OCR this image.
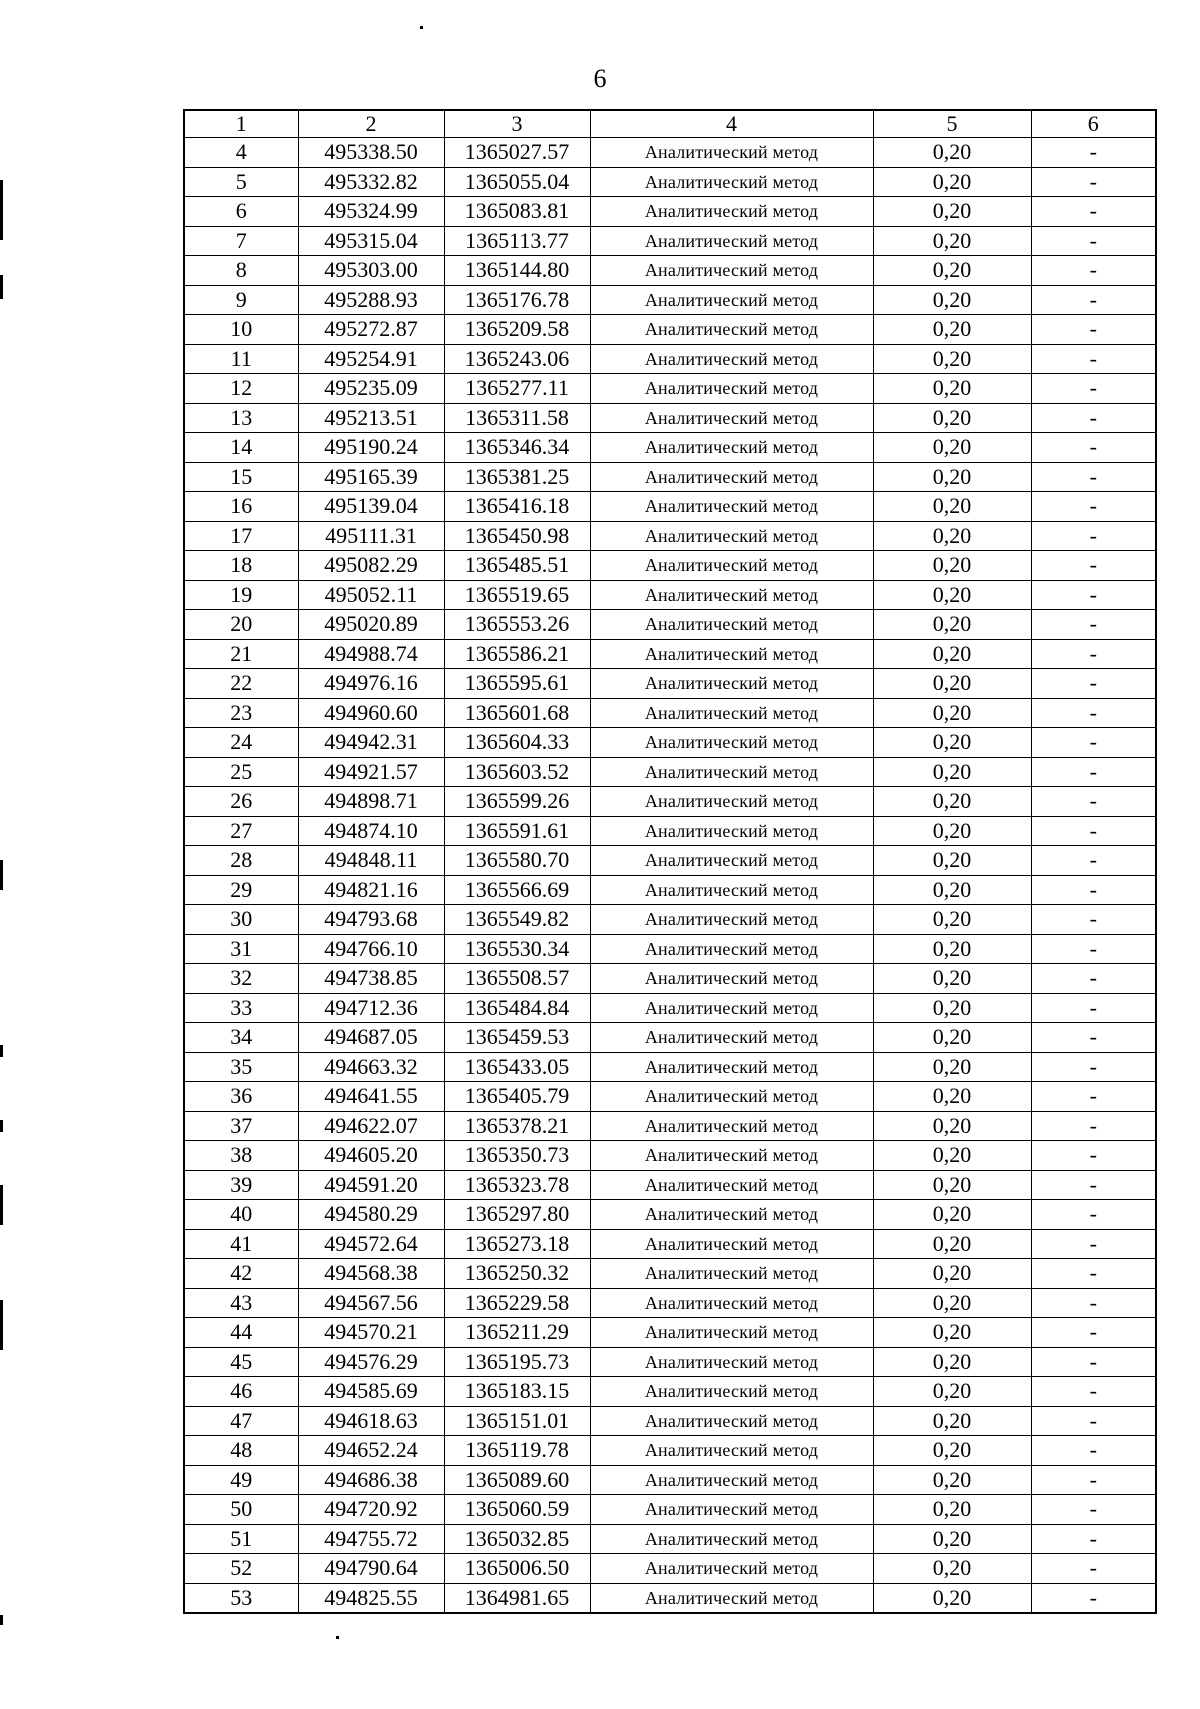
6
1	2	3	4	5	6
4	495338.50	1365027.57	Аналитический метод	0,20	-
5	495332.82	1365055.04	Аналитический метод	0,20	-
6	495324.99	1365083.81	Аналитический метод	0,20	-
7	495315.04	1365113.77	Аналитический метод	0,20	-
8	495303.00	1365144.80	Аналитический метод	0,20	-
9	495288.93	1365176.78	Аналитический метод	0,20	-
10	495272.87	1365209.58	Аналитический метод	0,20	-
11	495254.91	1365243.06	Аналитический метод	0,20	-
12	495235.09	1365277.11	Аналитический метод	0,20	-
13	495213.51	1365311.58	Аналитический метод	0,20	-
14	495190.24	1365346.34	Аналитический метод	0,20	-
15	495165.39	1365381.25	Аналитический метод	0,20	-
16	495139.04	1365416.18	Аналитический метод	0,20	-
17	495111.31	1365450.98	Аналитический метод	0,20	-
18	495082.29	1365485.51	Аналитический метод	0,20	-
19	495052.11	1365519.65	Аналитический метод	0,20	-
20	495020.89	1365553.26	Аналитический метод	0,20	-
21	494988.74	1365586.21	Аналитический метод	0,20	-
22	494976.16	1365595.61	Аналитический метод	0,20	-
23	494960.60	1365601.68	Аналитический метод	0,20	-
24	494942.31	1365604.33	Аналитический метод	0,20	-
25	494921.57	1365603.52	Аналитический метод	0,20	-
26	494898.71	1365599.26	Аналитический метод	0,20	-
27	494874.10	1365591.61	Аналитический метод	0,20	-
28	494848.11	1365580.70	Аналитический метод	0,20	-
29	494821.16	1365566.69	Аналитический метод	0,20	-
30	494793.68	1365549.82	Аналитический метод	0,20	-
31	494766.10	1365530.34	Аналитический метод	0,20	-
32	494738.85	1365508.57	Аналитический метод	0,20	-
33	494712.36	1365484.84	Аналитический метод	0,20	-
34	494687.05	1365459.53	Аналитический метод	0,20	-
35	494663.32	1365433.05	Аналитический метод	0,20	-
36	494641.55	1365405.79	Аналитический метод	0,20	-
37	494622.07	1365378.21	Аналитический метод	0,20	-
38	494605.20	1365350.73	Аналитический метод	0,20	-
39	494591.20	1365323.78	Аналитический метод	0,20	-
40	494580.29	1365297.80	Аналитический метод	0,20	-
41	494572.64	1365273.18	Аналитический метод	0,20	-
42	494568.38	1365250.32	Аналитический метод	0,20	-
43	494567.56	1365229.58	Аналитический метод	0,20	-
44	494570.21	1365211.29	Аналитический метод	0,20	-
45	494576.29	1365195.73	Аналитический метод	0,20	-
46	494585.69	1365183.15	Аналитический метод	0,20	-
47	494618.63	1365151.01	Аналитический метод	0,20	-
48	494652.24	1365119.78	Аналитический метод	0,20	-
49	494686.38	1365089.60	Аналитический метод	0,20	-
50	494720.92	1365060.59	Аналитический метод	0,20	-
51	494755.72	1365032.85	Аналитический метод	0,20	-
52	494790.64	1365006.50	Аналитический метод	0,20	-
53	494825.55	1364981.65	Аналитический метод	0,20	-
